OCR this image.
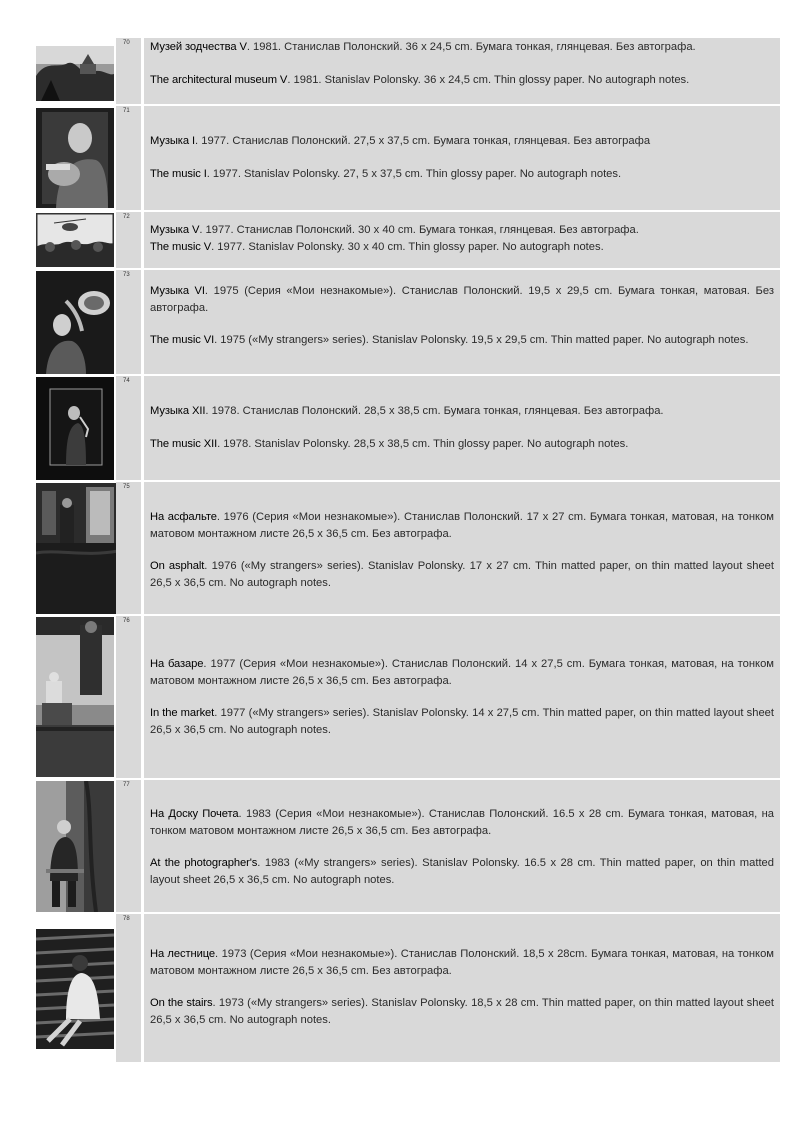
70 Музей зодчества V. 1981. Станислав Полонский. 36 x 24,5 cm. Бумага тонкая, глянцевая. Без автографа.

The architectural museum V. 1981. Stanislav Polonsky. 36 x 24,5 cm. Thin glossy paper. No autograph notes.

71

Музыка I. 1977. Станислав Полонский. 27,5 x 37,5 cm. Бумага тонкая, глянцевая. Без автографа

The music I. 1977. Stanislav Polonsky. 27, 5 x 37,5 cm. Thin glossy paper. No autograph notes.

72

Музыка V. 1977. Станислав Полонский. 30 x 40 cm. Бумага тонкая, глянцевая. Без автографа.

The music V. 1977. Stanislav Polonsky. 30 x 40 cm. Thin glossy paper. No autograph notes.

73

Музыка VI. 1975 (Серия «Мои незнакомые»). Станислав Полонский. 19,5 x 29,5 cm. Бумага тонкая, матовая. Без автографа.

The music VI. 1975 («My strangers» series). Stanislav Polonsky. 19,5 x 29,5 cm. Thin matted paper. No autograph notes.

74

Музыка XII. 1978. Станислав Полонский. 28,5 x 38,5 cm. Бумага тонкая, глянцевая. Без автографа.

The music XII. 1978. Stanislav Polonsky. 28,5 x 38,5 cm. Thin glossy paper. No autograph notes.

75

На асфальте. 1976 (Серия «Мои незнакомые»). Станислав Полонский. 17 x 27 cm. Бумага тонкая, матовая, на тонком матовом монтажном листе 26,5 x 36,5 cm. Без автографа.

On asphalt. 1976 («My strangers» series). Stanislav Polonsky. 17 x 27 cm. Thin matted paper, on thin matted layout sheet 26,5 x 36,5 cm. No autograph notes.

76

На базаре. 1977 (Серия «Мои незнакомые»). Станислав Полонский. 14 x 27,5 cm. Бумага тонкая, матовая, на тонком матовом монтажном листе 26,5 x 36,5 cm. Без автографа.

In the market. 1977 («My strangers» series). Stanislav Polonsky. 14 x 27,5 cm. Thin matted paper, on thin matted layout sheet 26,5 x 36,5 cm. No autograph notes.

77

На Доску Почета. 1983 (Серия «Мои незнакомые»). Станислав Полонский. 16.5 x 28 cm. Бумага тонкая, матовая, на тонком матовом монтажном листе 26,5 x 36,5 cm. Без автографа.

At the photographer's. 1983 («My strangers» series). Stanislav Polonsky. 16.5 x 28 cm. Thin matted paper, on thin matted layout sheet 26,5 x 36,5 cm. No autograph notes.

78

На лестнице. 1973 (Серия «Мои незнакомые»). Станислав Полонский. 18,5 x 28cm. Бумага тонкая, матовая, на тонком матовом монтажном листе 26,5 x 36,5 cm. Без автографа.

On the stairs. 1973 («My strangers» series). Stanislav Polonsky. 18,5 x 28 cm. Thin matted paper, on thin matted layout sheet 26,5 x 36,5 cm. No autograph notes.
